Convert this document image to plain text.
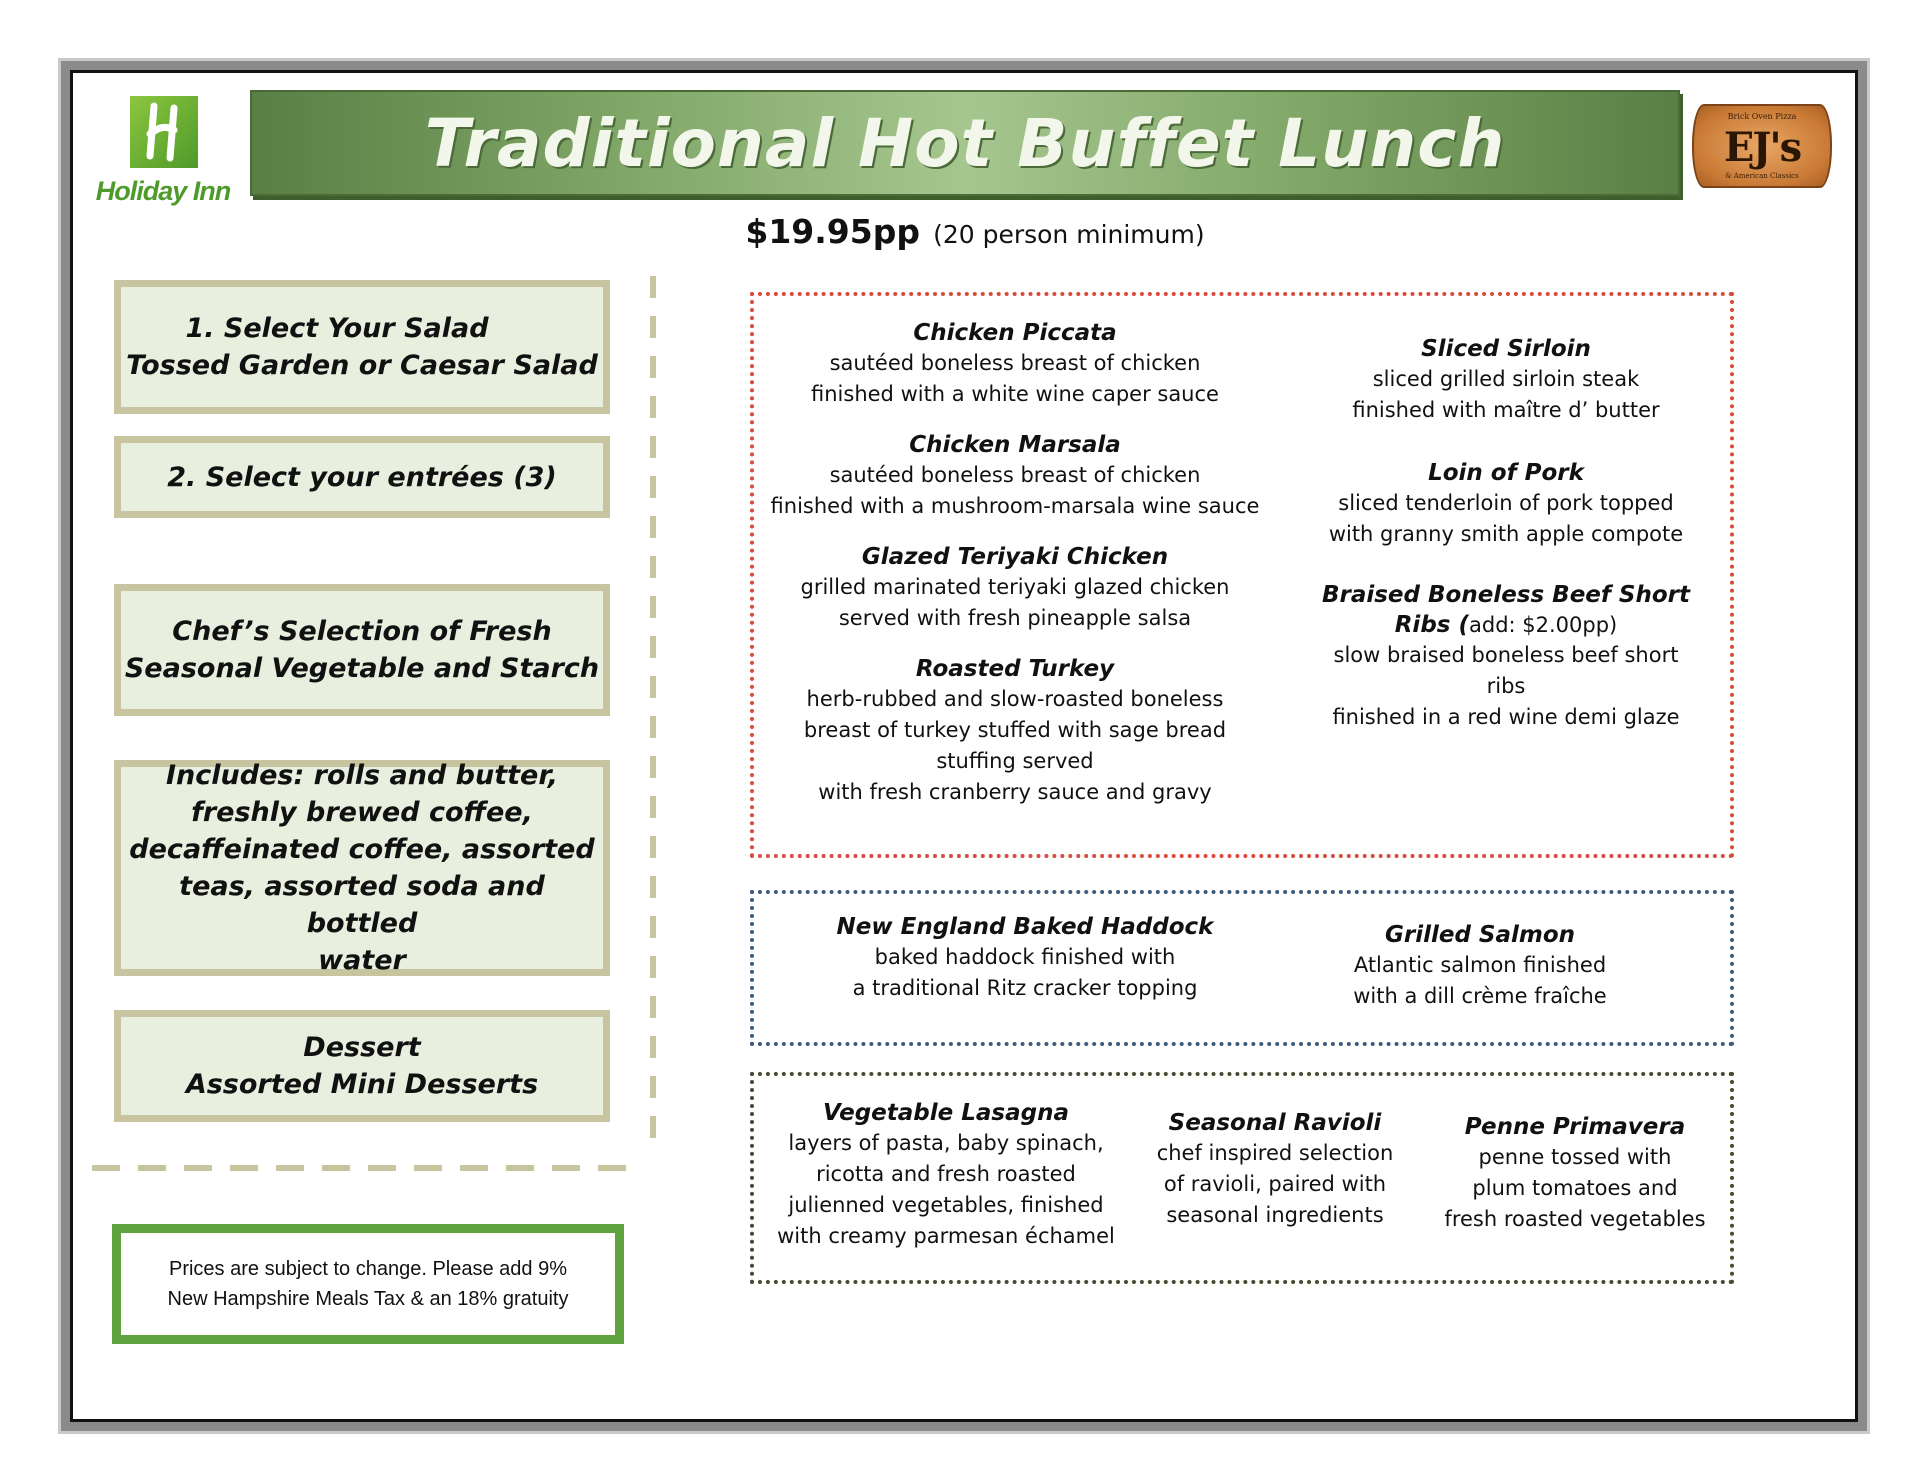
Holiday Inn
Traditional Hot Buffet Lunch	Brick Oven Pizza
EJ's
& American Classics
$19.95pp (20 person minimum)
1. Select Your Salad
Tossed Garden or Caesar Salad
2. Select your entrées (3)
Chef’s Selection of Fresh
Seasonal Vegetable and Starch
Includes: rolls and butter,
freshly brewed coffee,
decaffeinated coffee, assorted
teas, assorted soda and bottled
water
Dessert
Assorted Mini Desserts
Prices are subject to change. Please add 9%
New Hampshire Meals Tax & an 18% gratuity
Chicken Piccata
sautéed boneless breast of chicken
finished with a white wine caper sauce
Chicken Marsala
sautéed boneless breast of chicken
finished with a mushroom-marsala wine sauce
Glazed Teriyaki Chicken
grilled marinated teriyaki glazed chicken
served with fresh pineapple salsa
Roasted Turkey
herb-rubbed and slow-roasted boneless
breast of turkey stuffed with sage bread
stuffing served
with fresh cranberry sauce and gravy
Sliced Sirloin
sliced grilled sirloin steak
finished with maître d’ butter
Loin of Pork
sliced tenderloin of pork topped
with granny smith apple compote
Braised Boneless Beef Short
Ribs (add: $2.00pp)
slow braised boneless beef short
ribs
finished in a red wine demi glaze
New England Baked Haddock
baked haddock finished with
a traditional Ritz cracker topping
Grilled Salmon
Atlantic salmon finished
with a dill crème fraîche
Vegetable Lasagna
layers of pasta, baby spinach,
ricotta and fresh roasted
julienned vegetables, finished
with creamy parmesan échamel
Seasonal Ravioli
chef inspired selection
of ravioli, paired with
seasonal ingredients
Penne Primavera
penne tossed with
plum tomatoes and
fresh roasted vegetables
